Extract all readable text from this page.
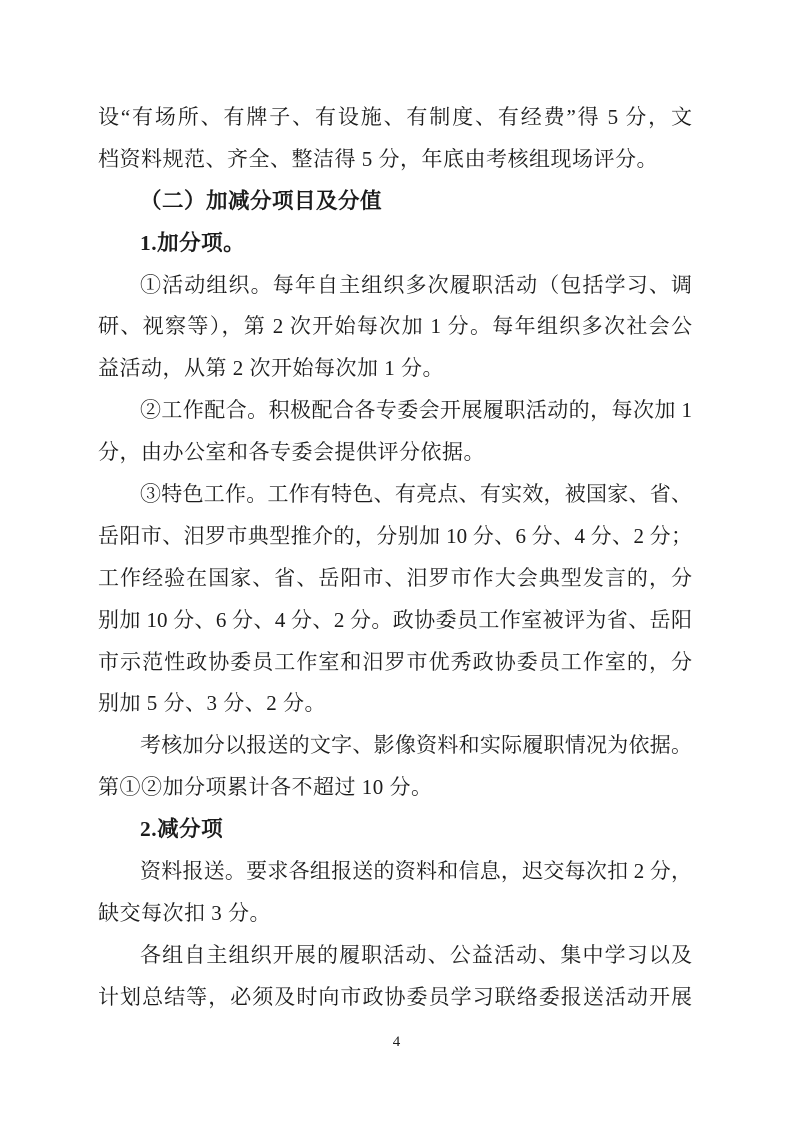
设“有场所、有牌子、有设施、有制度、有经费”得 5 分，文
档资料规范、齐全、整洁得 5 分，年底由考核组现场评分。
（二）加减分项目及分值
1.加分项。
①活动组织。每年自主组织多次履职活动（包括学习、调
研、视察等），第 2 次开始每次加 1 分。每年组织多次社会公
益活动，从第 2 次开始每次加 1 分。
②工作配合。积极配合各专委会开展履职活动的，每次加 1
分，由办公室和各专委会提供评分依据。
③特色工作。工作有特色、有亮点、有实效，被国家、省、
岳阳市、汨罗市典型推介的，分别加 10 分、6 分、4 分、2 分；
工作经验在国家、省、岳阳市、汨罗市作大会典型发言的，分
别加 10 分、6 分、4 分、2 分。政协委员工作室被评为省、岳阳
市示范性政协委员工作室和汨罗市优秀政协委员工作室的，分
别加 5 分、3 分、2 分。
考核加分以报送的文字、影像资料和实际履职情况为依据。
第①②加分项累计各不超过 10 分。
2.减分项
资料报送。要求各组报送的资料和信息，迟交每次扣 2 分，
缺交每次扣 3 分。
各组自主组织开展的履职活动、公益活动、集中学习以及
计划总结等，必须及时向市政协委员学习联络委报送活动开展
4
